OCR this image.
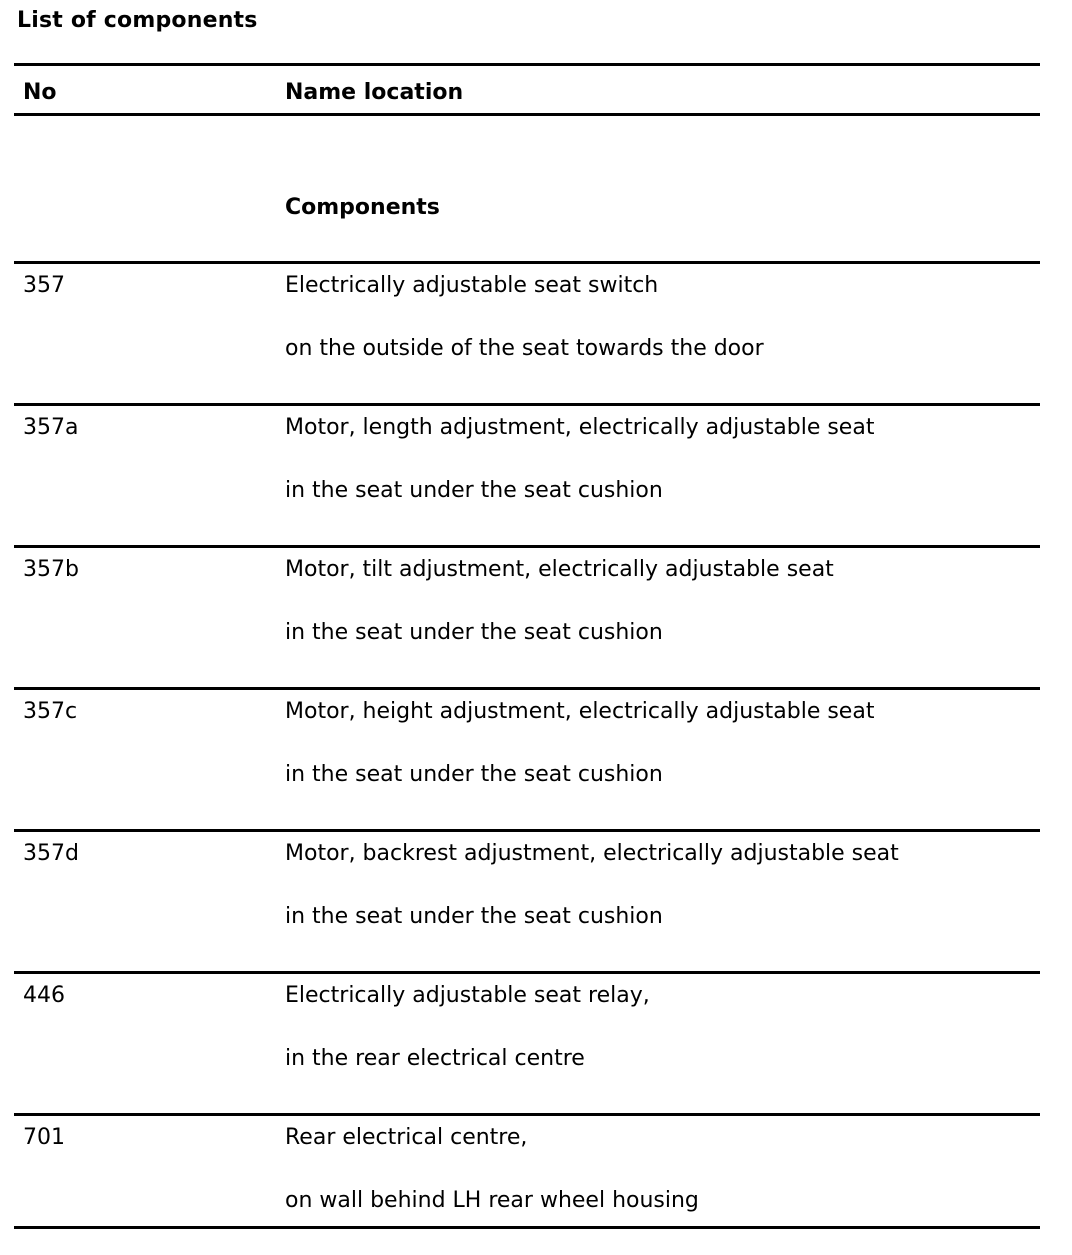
List of components
No	Name location
Components
357	Electrically adjustable seat switch
on the outside of the seat towards the door
357a	Motor, length adjustment, electrically adjustable seat
in the seat under the seat cushion
357b	Motor, tilt adjustment, electrically adjustable seat
in the seat under the seat cushion
357c	Motor, height adjustment, electrically adjustable seat
in the seat under the seat cushion
357d	Motor, backrest adjustment, electrically adjustable seat
in the seat under the seat cushion
446	Electrically adjustable seat relay,
in the rear electrical centre
701	Rear electrical centre,
on wall behind LH rear wheel housing
